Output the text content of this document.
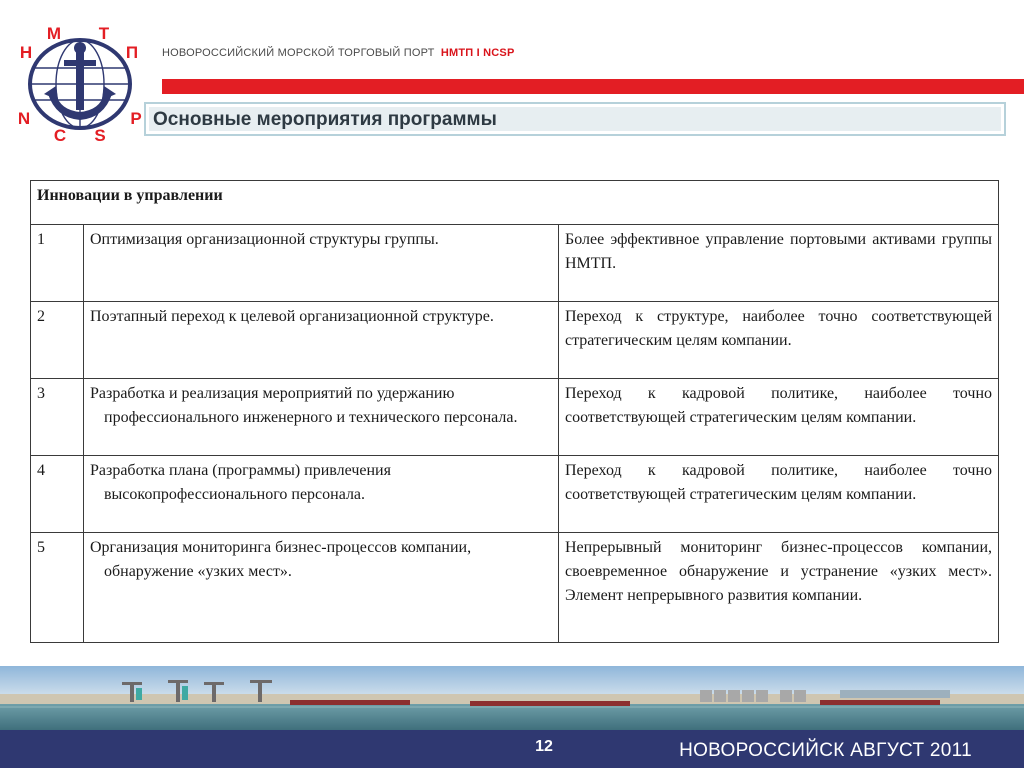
Н
М Т
П
N
C S
P
НОВОРОССИЙСКИЙ МОРСКОЙ ТОРГОВЫЙ ПОРТ НМТП I NCSP
Основные мероприятия программы
Инновации в управлении		
1	Оптимизация организационной структуры группы.	Более эффективное управление портовыми активами группы НМТП.
2	Поэтапный переход к целевой организационной структуре.	Переход к структуре, наиболее точно соответствующей стратегическим целям компании.
3	Разработка и реализация мероприятий по удержанию профессионального инженерного и технического персонала.	Переход к кадровой политике, наиболее точно соответствующей стратегическим целям компании.
4	Разработка плана (программы) привлечения высокопрофессионального персонала.	Переход к кадровой политике, наиболее точно соответствующей стратегическим целям компании.
5	Организация мониторинга бизнес-процессов компании, обнаружение «узких мест».	Непрерывный мониторинг бизнес-процессов компании, своевременное обнаружение и устранение «узких мест». Элемент непрерывного развития компании.
12	НОВОРОССИЙСК АВГУСТ 2011
